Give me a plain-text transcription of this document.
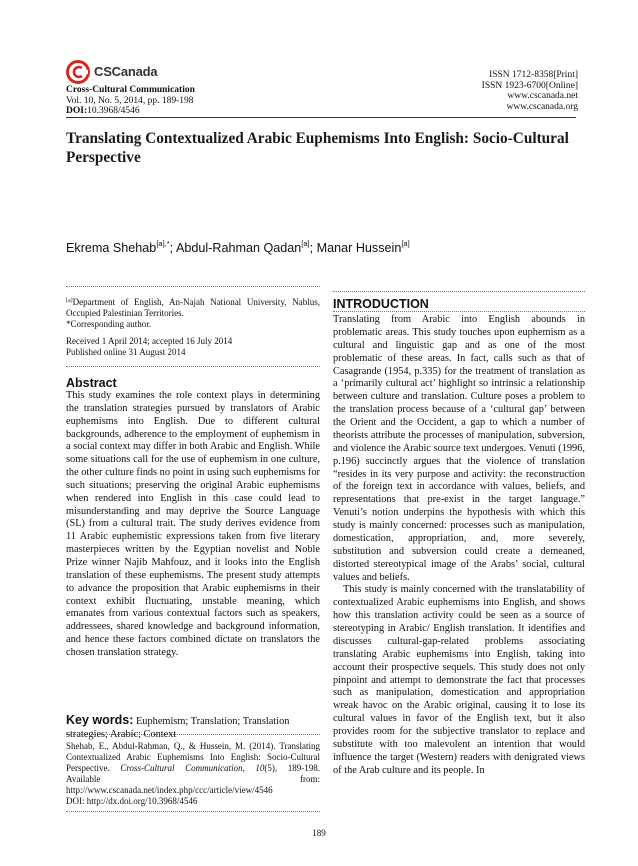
CSCanada
Cross-Cultural Communication
Vol. 10, No. 5, 2014, pp. 189-198
DOI:10.3968/4546
ISSN 1712-8358[Print]
ISSN 1923-6700[Online]
www.cscanada.net
www.cscanada.org
Translating Contextualized Arabic Euphemisms Into English: Socio-Cultural Perspective
Ekrema Shehab$^{[a],*}$; Abdul-Rahman Qadan[a]; Manar Hussein[a]
[a]Department of English, An-Najah National University, Nablus, Occupied Palestinian Territories.
*Corresponding author.
Received 1 April 2014; accepted 16 July 2014
Published online 31 August 2014
Abstract
This study examines the role context plays in determining the translation strategies pursued by translators of Arabic euphemisms into English. Due to different cultural backgrounds, adherence to the employment of euphemism in a social context may differ in both Arabic and English. While some situations call for the use of euphemism in one culture, the other culture finds no point in using such euphemisms for such situations; preserving the original Arabic euphemisms when rendered into English in this case could lead to misunderstanding and may deprive the Source Language (SL) from a cultural trait. The study derives evidence from 11 Arabic euphemistic expressions taken from five literary masterpieces written by the Egyptian novelist and Noble Prize winner Najib Mahfouz, and it looks into the English translation of these euphemisms. The present study attempts to advance the proposition that Arabic euphemisms in their context exhibit fluctuating, unstable meaning, which emanates from various contextual factors such as speakers, addressees, shared knowledge and background information, and hence these factors combined dictate on translators the chosen translation strategy.
Key words: Euphemism; Translation; Translation strategies; Arabic; Context
Shehab, E., Abdul-Rahman, Q., & Hussein, M. (2014). Translating Contextualized Arabic Euphemisms Into English: Socio-Cultural Perspective. Cross-Cultural Communication, 10(5), 189-198. Available from: http://www.cscanada.net/index.php/ccc/article/view/4546
DOI: http://dx.doi.org/10.3968/4546
INTRODUCTION

Translating from Arabic into English abounds in problematic areas. This study touches upon euphemism as a cultural and linguistic gap and as one of the most problematic of these areas. In fact, calls such as that of Casagrande (1954, p.335) for the treatment of translation as a ‘primarily cultural act’ highlight so intrinsic a relationship between culture and translation. Culture poses a problem to the translation process because of a ‘cultural gap’ between the Orient and the Occident, a gap to which a number of theorists attribute the processes of manipulation, subversion, and violence the Arabic source text undergoes. Venuti (1996, p.196) succinctly argues that the violence of translation “resides in its very purpose and activity: the reconstruction of the foreign text in accordance with values, beliefs, and representations that pre-exist in the target language.” Venuti’s notion underpins the hypothesis with which this study is mainly concerned: processes such as manipulation, domestication, appropriation, and, more severely, substitution and subversion could create a demeaned, distorted stereotypical image of the Arabs’ social, cultural values and beliefs.

This study is mainly concerned with the translatability of contextualized Arabic euphemisms into English, and shows how this translation activity could be seen as a source of stereotyping in Arabic/ English translation. It identifies and discusses cultural-gap-related problems associating translating Arabic euphemisms into English, taking into account their prospective sequels. This study does not only pinpoint and attempt to demonstrate the fact that processes such as manipulation, domestication and appropriation wreak havoc on the Arabic original, causing it to lose its cultural values in favor of the English text, but it also provides room for the subjective translator to replace and substitute with too malevolent an intention that would influence the target (Western) readers with denigrated views of the Arab culture and its people. In

189
